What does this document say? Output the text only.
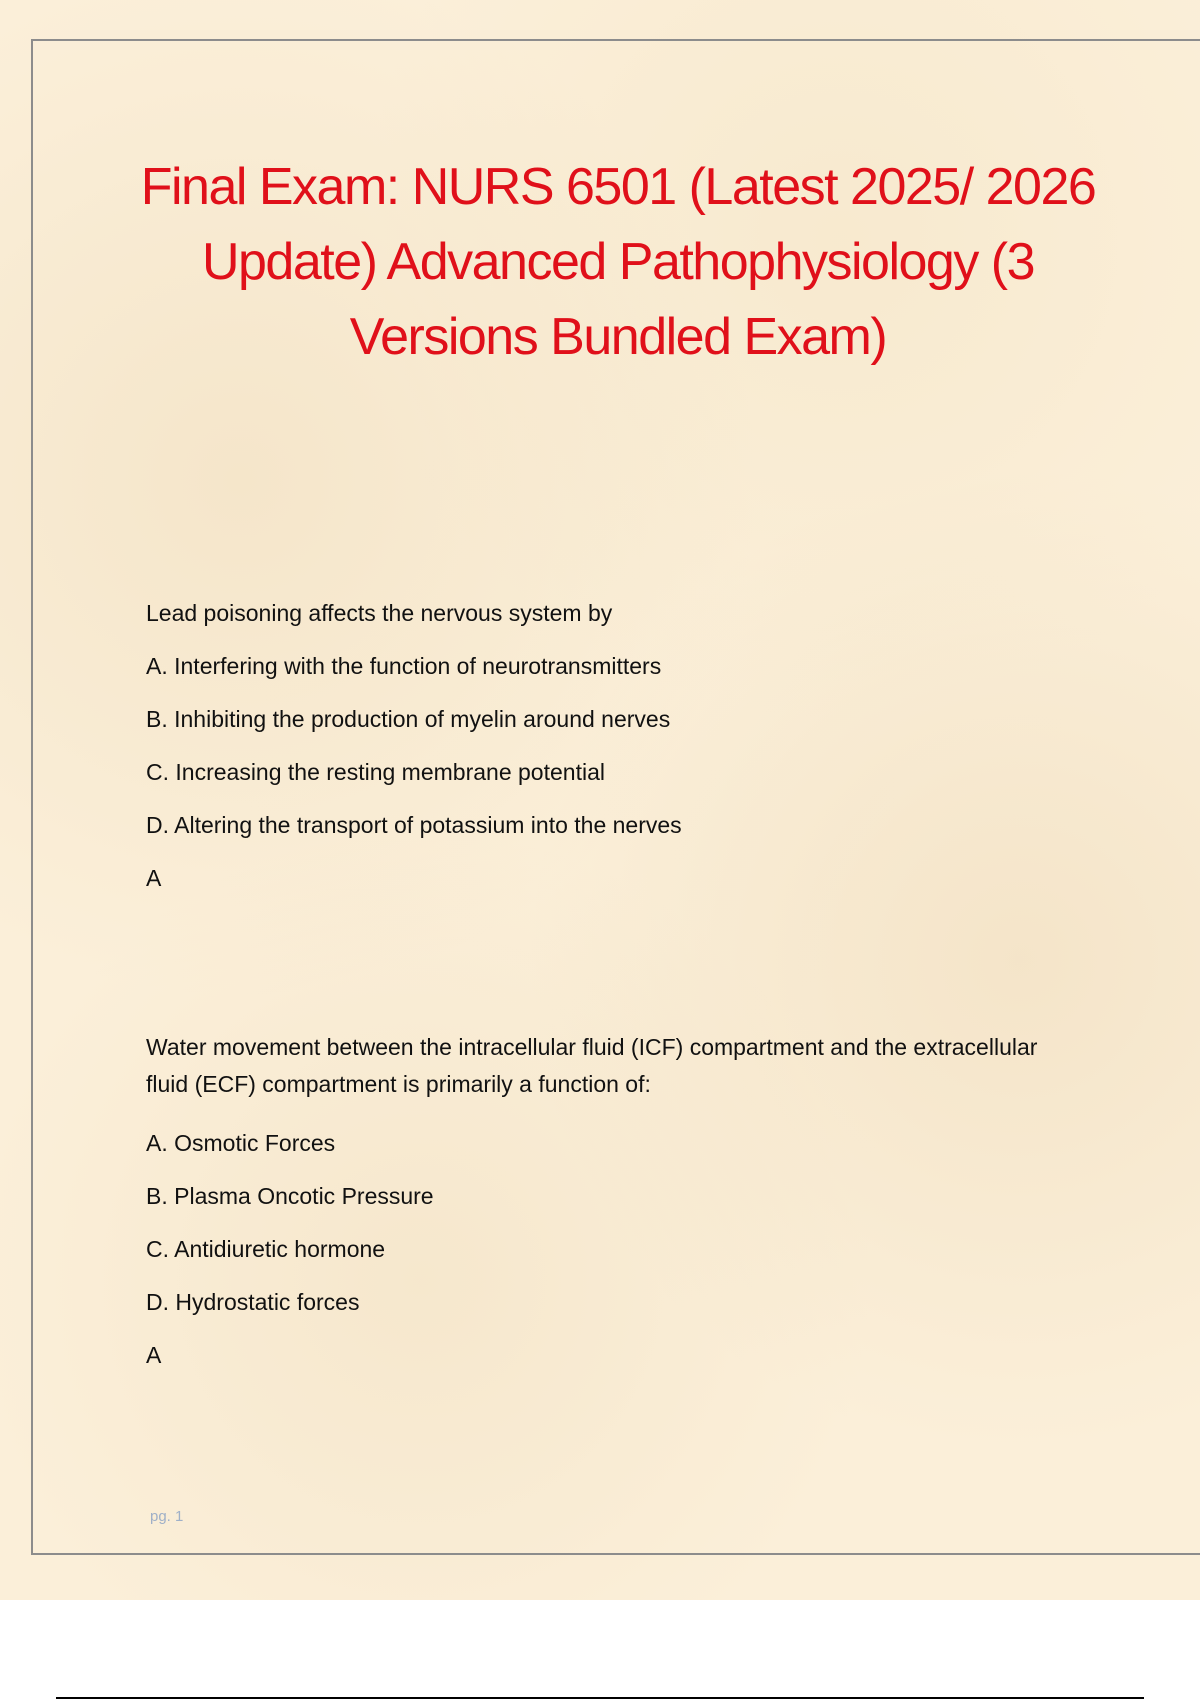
Final Exam: NURS 6501 (Latest 2025/ 2026 Update) Advanced Pathophysiology (3 Versions Bundled Exam)

Lead poisoning affects the nervous system by

A. Interfering with the function of neurotransmitters

B. Inhibiting the production of myelin around nerves

C. Increasing the resting membrane potential

D. Altering the transport of potassium into the nerves

A

Water movement between the intracellular fluid (ICF) compartment and the extracellular fluid (ECF) compartment is primarily a function of:

A. Osmotic Forces

B. Plasma Oncotic Pressure

C. Antidiuretic hormone

D. Hydrostatic forces

A

pg. 1
